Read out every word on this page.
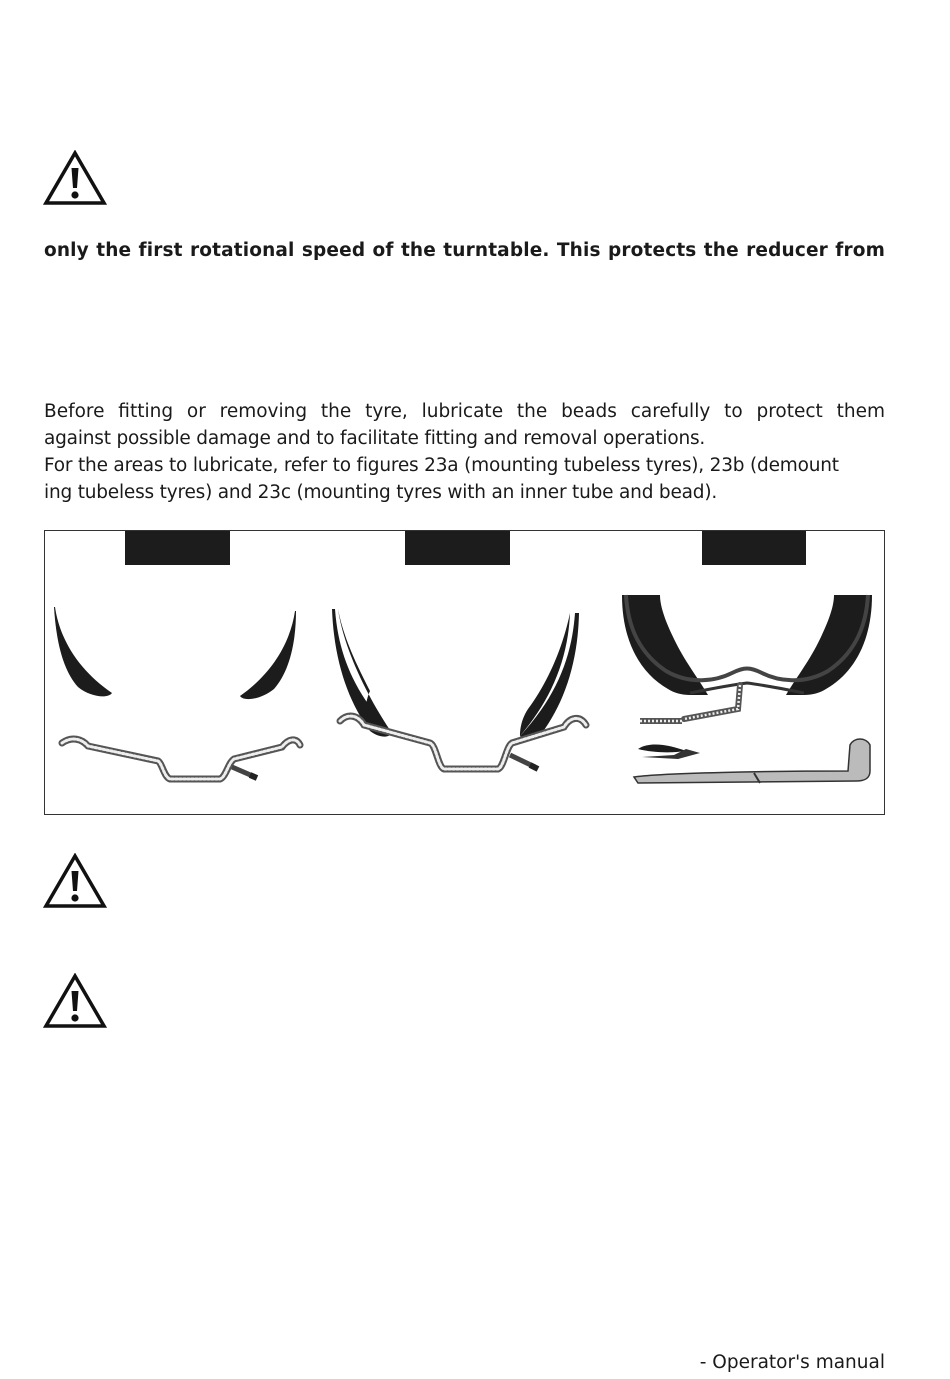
only the first rotational speed of the turntable. This protects the reducer from

Before fitting or removing the tyre, lubricate the beads carefully to protect them
against possible damage and to facilitate fitting and removal operations.
For the areas to lubricate, refer to figures 23a (mounting tubeless tyres), 23b (demount
ing tubeless tyres) and 23c (mounting tyres with an inner tube and bead).

- Operator's manual
